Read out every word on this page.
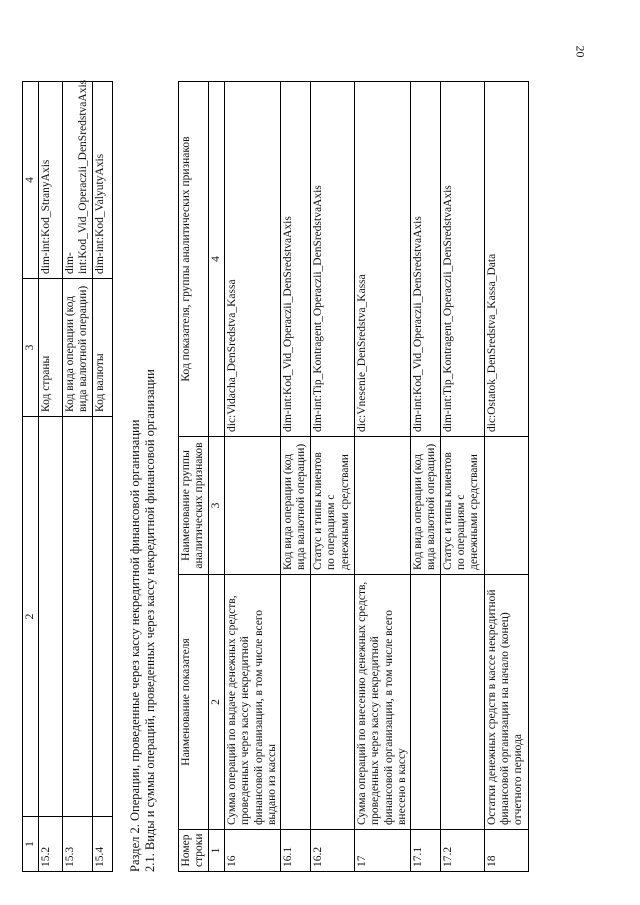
20
1	2	3	4
15.2		Код страны	dim-int:Kod_StranyAxis
15.3		Код вида операции (код вида валютной операции)	dim-int:Kod_Vid_Operaczii_DenSredstvaAxis
15.4		Код валюты	dim-int:Kod_ValyutyAxis
Раздел 2. Операции, проведенные через кассу некредитной финансовой организации 2.1. Виды и суммы операций, проведенных через кассу некредитной финансовой организации Номер строки	Наименование показателя	Наименование группы аналитических признаков	Код показателя, группы аналитических признаков
1	2	3	4
16	Сумма операций по выдаче денежных средств, проведенных через кассу некредитной финансовой организации, в том числе всего выдано из кассы		dic:Vidacha_DenSredstva_Kassa
16.1		Код вида операции (код вида валютной операции)	dim-int:Kod_Vid_Operaczii_DenSredstvaAxis
16.2		Статус и типы клиентов по операциям с денежными средствами	dim-int:Tip_Kontragent_Operaczii_DenSredstvaAxis
17	Сумма операций по внесению денежных средств, проведенных через кассу некредитной финансовой организации, в том числе всего внесено в кассу		dic:Vnesenie_DenSredstva_Kassa
17.1		Код вида операции (код вида валютной операции)	dim-int:Kod_Vid_Operaczii_DenSredstvaAxis
17.2		Статус и типы клиентов по операциям с денежными средствами	dim-int:Tip_Kontragent_Operaczii_DenSredstvaAxis
18	Остатки денежных средств в кассе некредитной финансовой организации на начало (конец) отчетного периода		dic:Ostatok_DenSredstva_Kassa_Data
